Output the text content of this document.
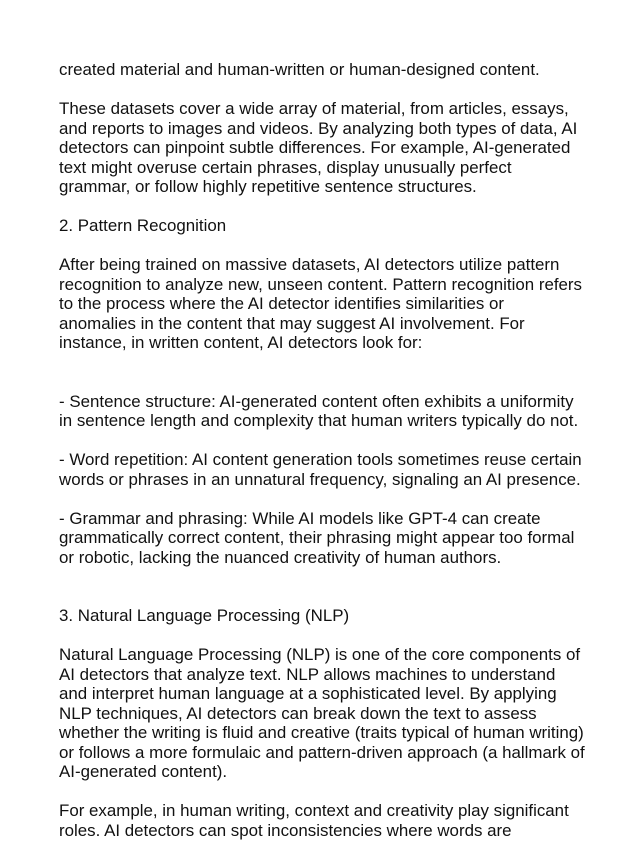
created material and human-written or human-designed content.

These datasets cover a wide array of material, from articles, essays,
and reports to images and videos. By analyzing both types of data, AI
detectors can pinpoint subtle differences. For example, AI-generated
text might overuse certain phrases, display unusually perfect
grammar, or follow highly repetitive sentence structures.

2. Pattern Recognition

After being trained on massive datasets, AI detectors utilize pattern
recognition to analyze new, unseen content. Pattern recognition refers
to the process where the AI detector identifies similarities or
anomalies in the content that may suggest AI involvement. For
instance, in written content, AI detectors look for:

- Sentence structure: AI-generated content often exhibits a uniformity
in sentence length and complexity that human writers typically do not.

- Word repetition: AI content generation tools sometimes reuse certain
words or phrases in an unnatural frequency, signaling an AI presence.

- Grammar and phrasing: While AI models like GPT-4 can create
grammatically correct content, their phrasing might appear too formal
or robotic, lacking the nuanced creativity of human authors.

3. Natural Language Processing (NLP)

Natural Language Processing (NLP) is one of the core components of
AI detectors that analyze text. NLP allows machines to understand
and interpret human language at a sophisticated level. By applying
NLP techniques, AI detectors can break down the text to assess
whether the writing is fluid and creative (traits typical of human writing)
or follows a more formulaic and pattern-driven approach (a hallmark of
AI-generated content).

For example, in human writing, context and creativity play significant
roles. AI detectors can spot inconsistencies where words are
